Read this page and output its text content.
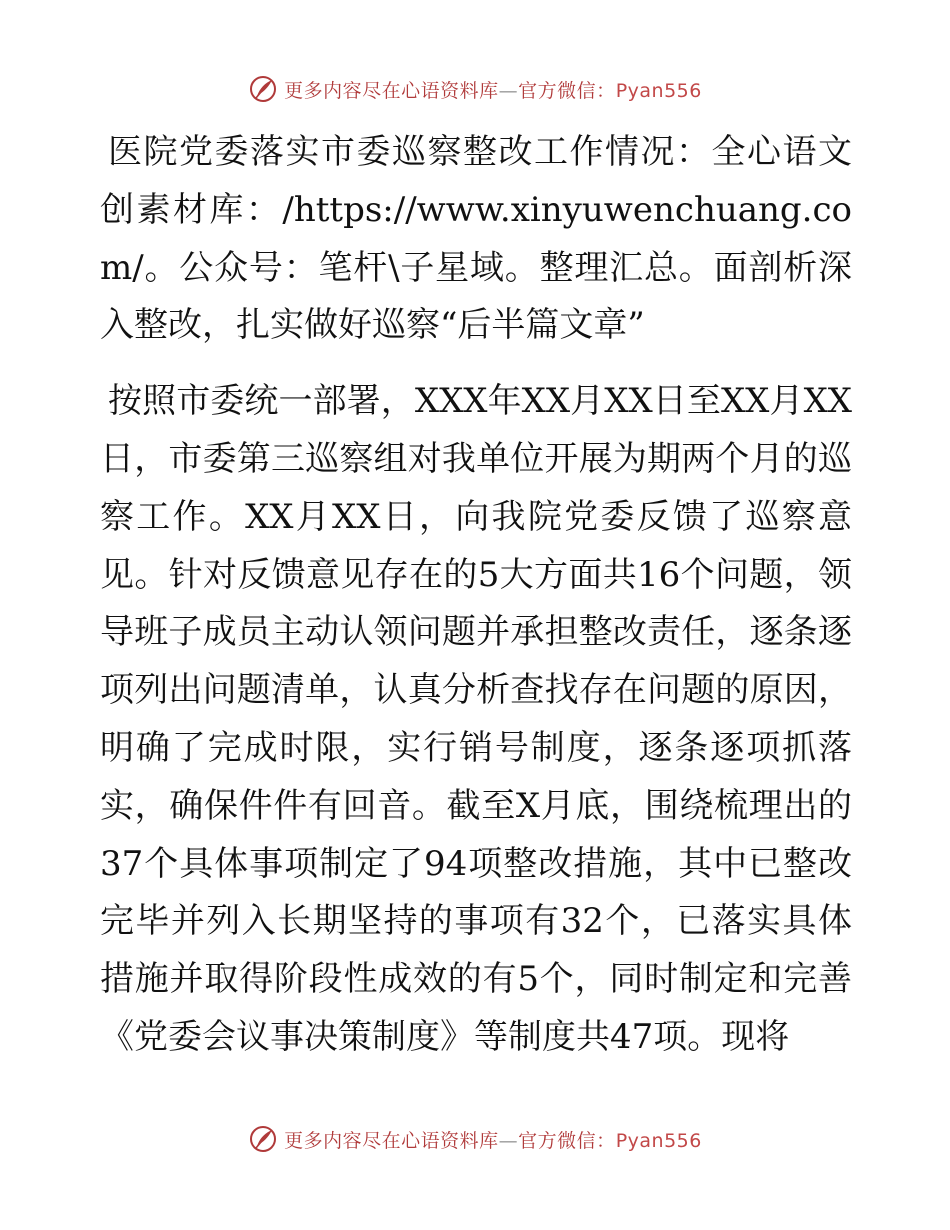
更多内容尽在心语资料库—官方微信：Pyan556

医院党委落实市委巡察整改工作情况：全心语文创素材库：/https://www.xinyuwenchuang.com/。公众号：笔杆\子星域。整理汇总。面剖析深入整改，扎实做好巡察“后半篇文章”

按照市委统一部署，XXX年XX月XX日至XX月XX日，市委第三巡察组对我单位开展为期两个月的巡察工作。XX月XX日，向我院党委反馈了巡察意见。针对反馈意见存在的5大方面共16个问题，领导班子成员主动认领问题并承担整改责任，逐条逐项列出问题清单，认真分析查找存在问题的原因，明确了完成时限，实行销号制度，逐条逐项抓落实，确保件件有回音。截至X月底，围绕梳理出的37个具体事项制定了94项整改措施，其中已整改完毕并列入长期坚持的事项有32个，已落实具体措施并取得阶段性成效的有5个，同时制定和完善《党委会议事决策制度》等制度共47项。现将

更多内容尽在心语资料库—官方微信：Pyan556
